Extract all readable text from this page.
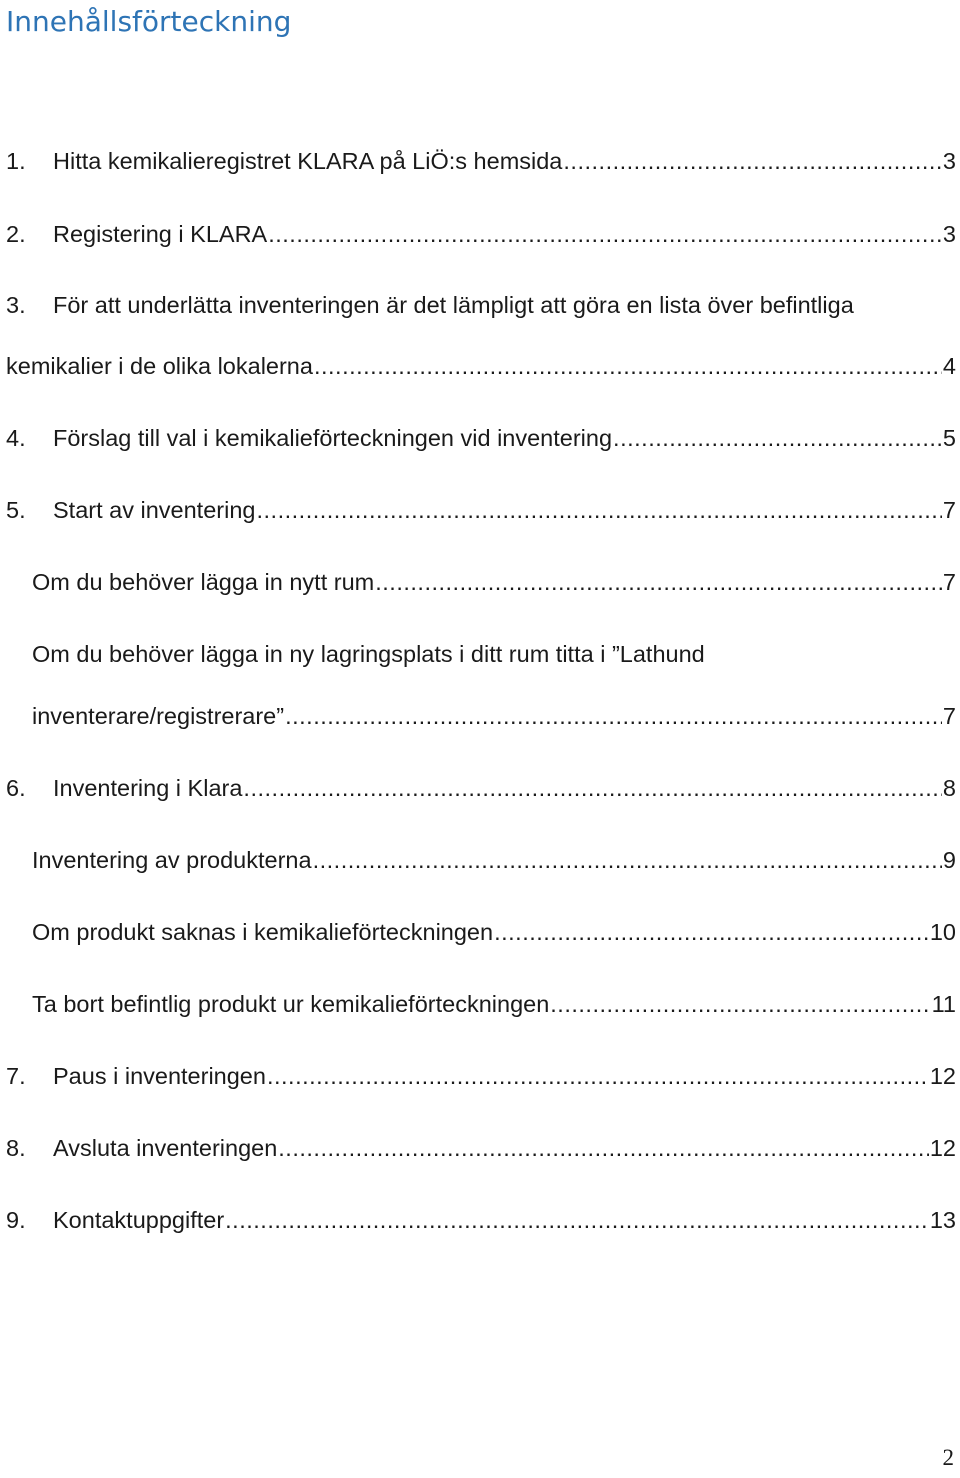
Innehållsförteckning
1. Hitta kemikalieregistret KLARA på LiÖ:s hemsida .....	3
2. Registering i KLARA .....	3
3. För att underlätta inventeringen är det lämpligt att göra en lista över befintliga
kemikalier i de olika lokalerna .....	4
4. Förslag till val i kemikalieförteckningen vid inventering .....	5
5. Start av inventering .....	7
Om du behöver lägga in nytt rum .....	7
Om du behöver lägga in ny lagringsplats i ditt rum titta i ”Lathund
inventerare/registrerare” .....	7
6. Inventering i Klara .....	8
Inventering av produkterna .....	9
Om produkt saknas i kemikalieförteckningen .....	10
Ta bort befintlig produkt ur kemikalieförteckningen .....	11
7. Paus i inventeringen .....	12
8. Avsluta inventeringen .....	12
9. Kontaktuppgifter .....	13
2
